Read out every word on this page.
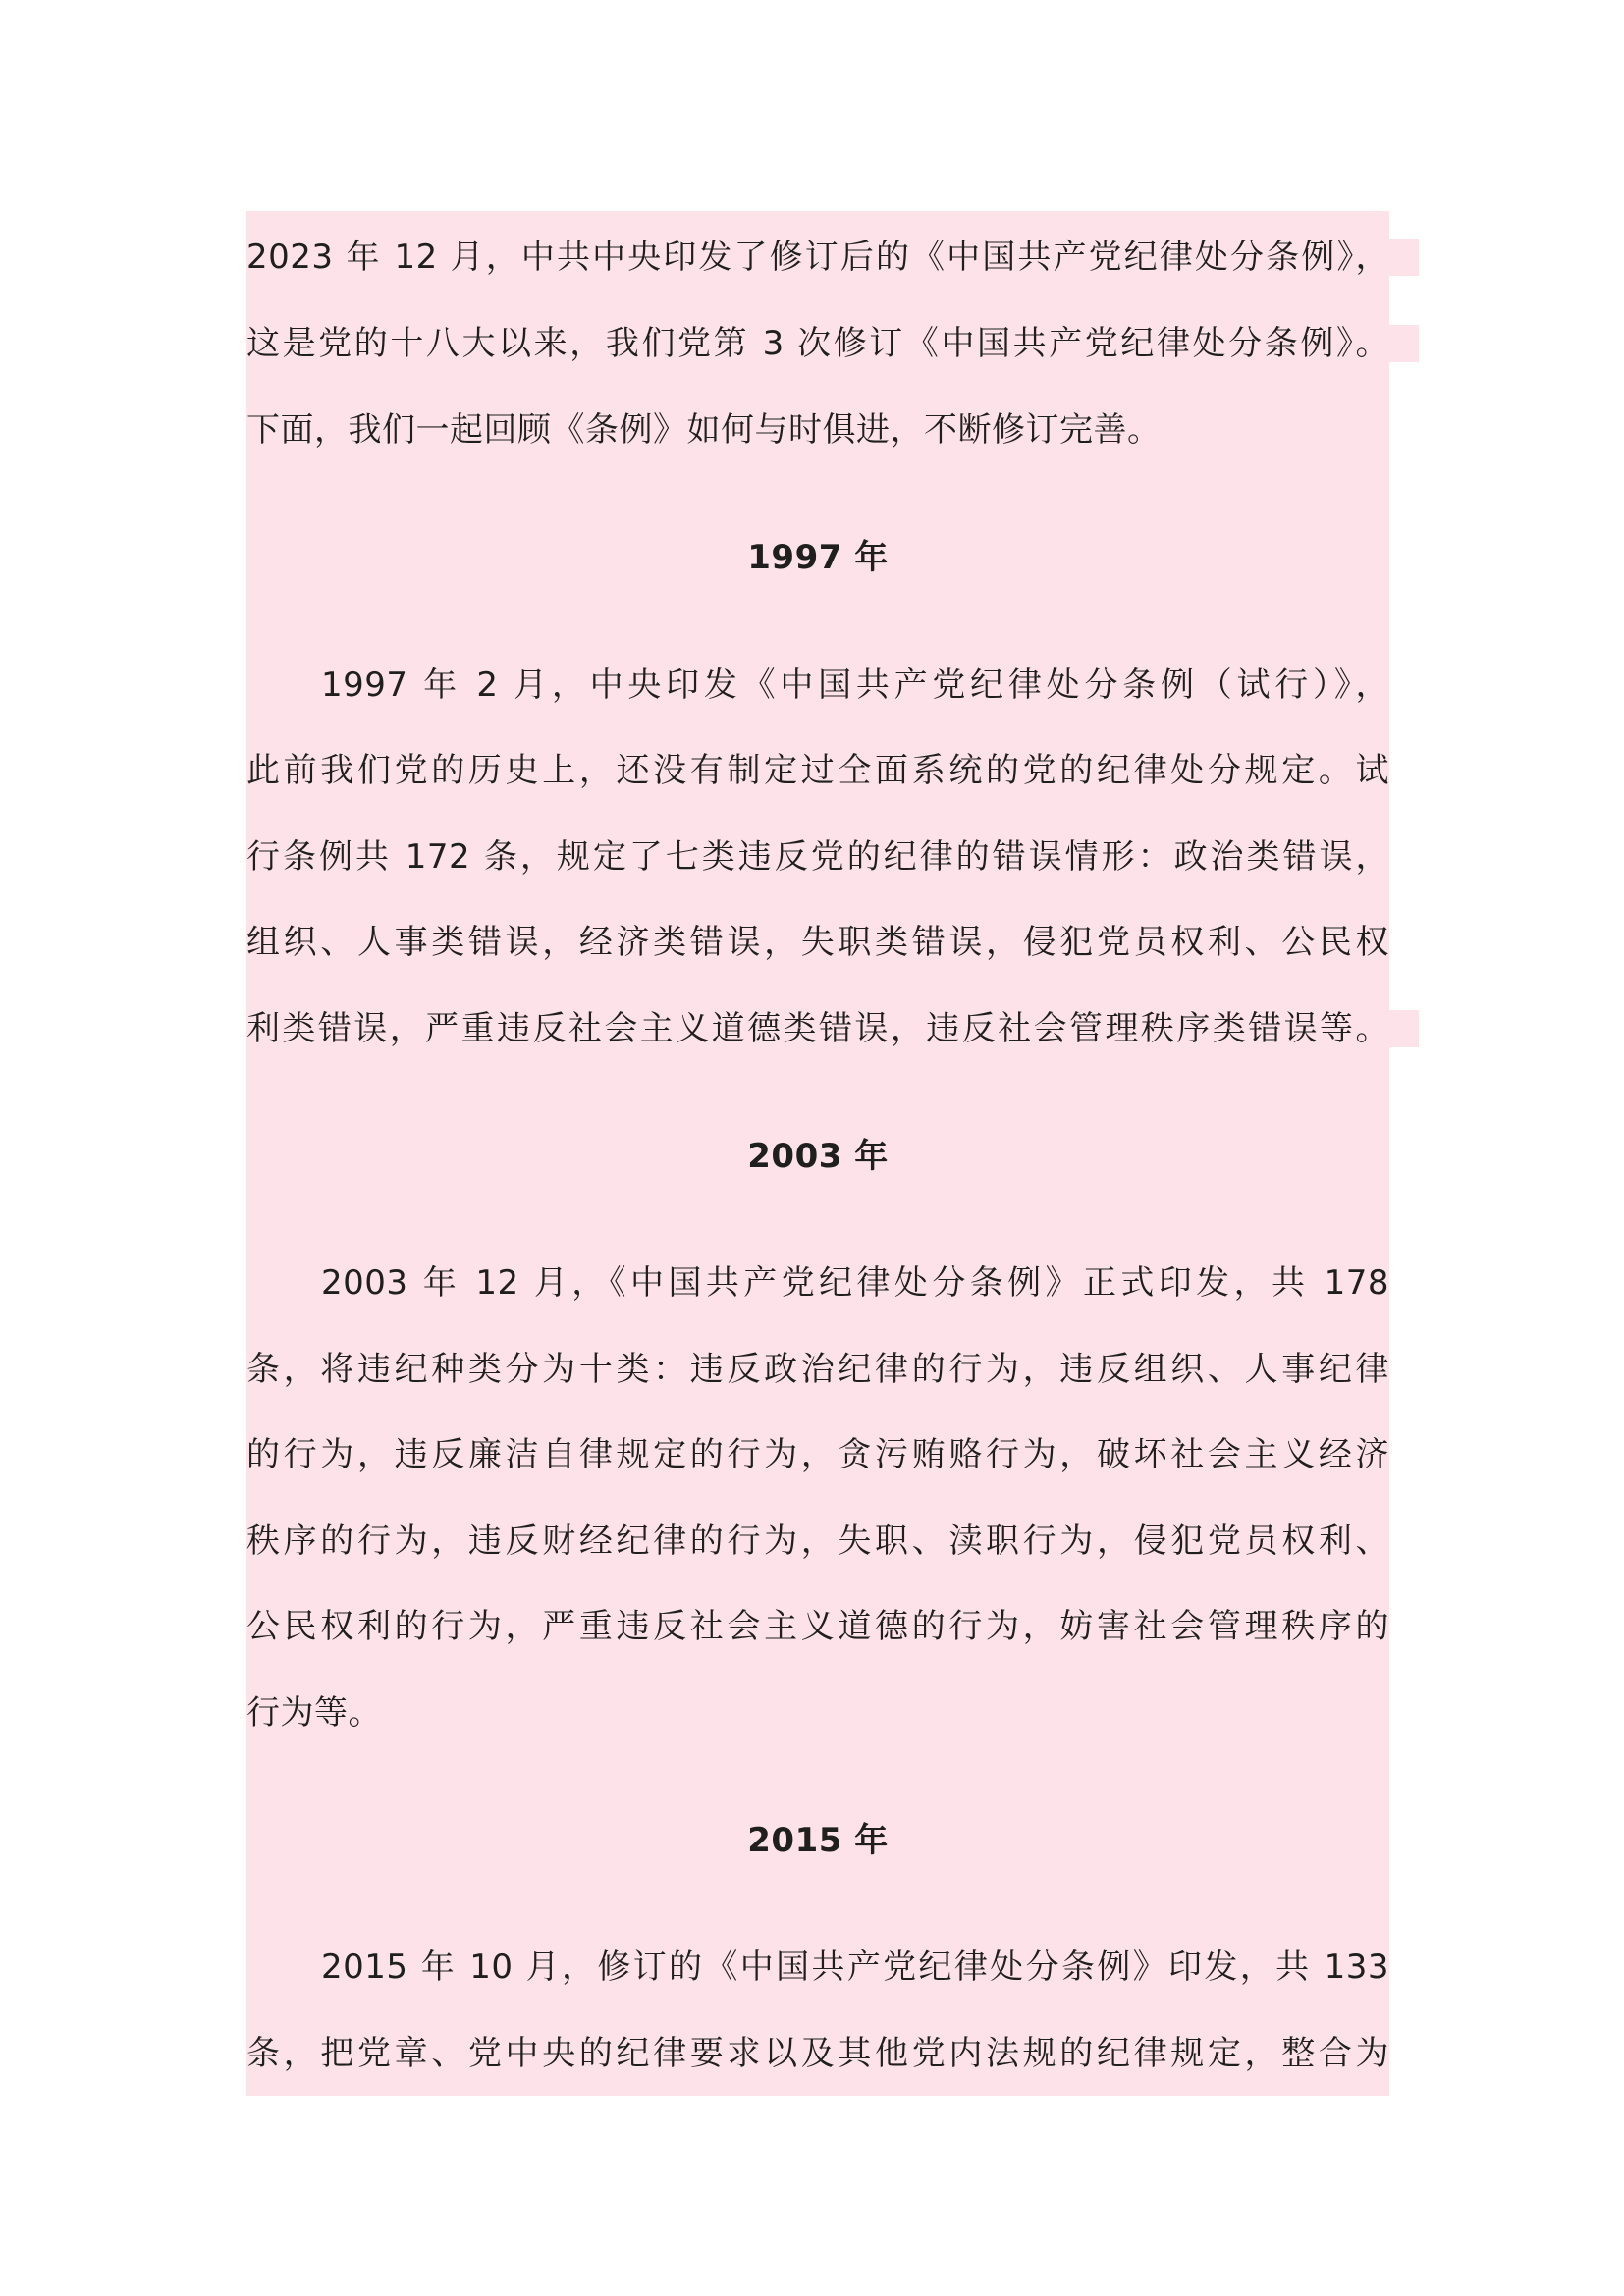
2023 年 12 月，中共中央印发了修订后的《中国共产党纪律处分条例》，
这是党的十八大以来，我们党第 3 次修订《中国共产党纪律处分条例》。
下面，我们一起回顾《条例》如何与时俱进，不断修订完善。
1997 年
1997 年 2 月，中央印发《中国共产党纪律处分条例（试行）》，
此前我们党的历史上，还没有制定过全面系统的党的纪律处分规定。试
行条例共 172 条，规定了七类违反党的纪律的错误情形：政治类错误，
组织、人事类错误，经济类错误，失职类错误，侵犯党员权利、公民权
利类错误，严重违反社会主义道德类错误，违反社会管理秩序类错误等。
2003 年
2003 年 12 月，《中国共产党纪律处分条例》正式印发，共 178
条，将违纪种类分为十类：违反政治纪律的行为，违反组织、人事纪律
的行为，违反廉洁自律规定的行为，贪污贿赂行为，破坏社会主义经济
秩序的行为，违反财经纪律的行为，失职、渎职行为，侵犯党员权利、
公民权利的行为，严重违反社会主义道德的行为，妨害社会管理秩序的
行为等。
2015 年
2015 年 10 月，修订的《中国共产党纪律处分条例》印发，共 133
条，把党章、党中央的纪律要求以及其他党内法规的纪律规定，整合为
